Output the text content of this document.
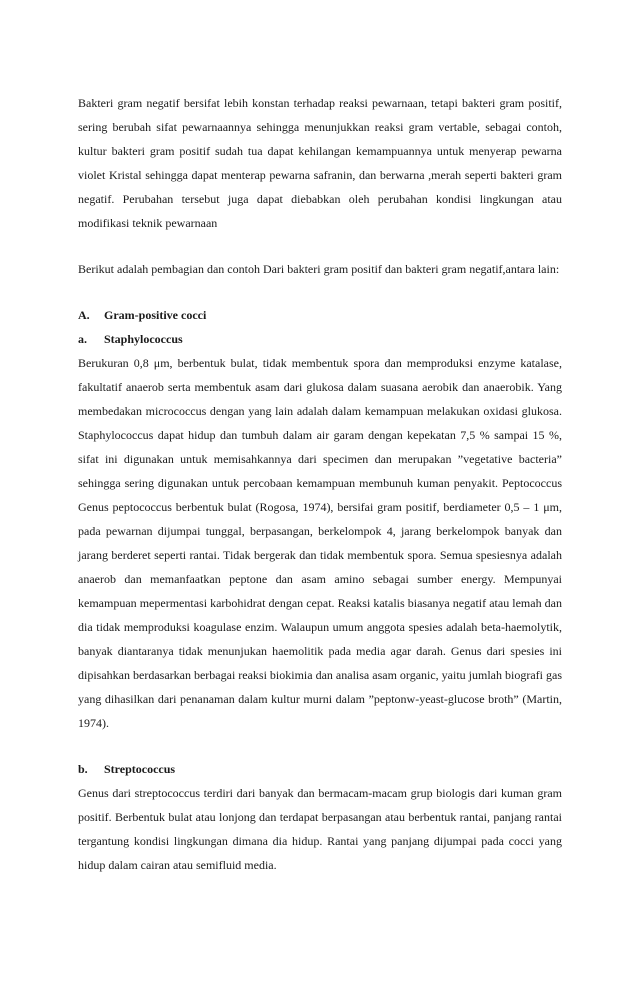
Bakteri gram negatif bersifat lebih konstan terhadap reaksi pewarnaan, tetapi bakteri gram positif, sering berubah sifat pewarnaannya sehingga menunjukkan reaksi gram vertable, sebagai contoh, kultur bakteri gram positif sudah tua dapat kehilangan kemampuannya untuk menyerap pewarna violet Kristal sehingga dapat menterap pewarna safranin, dan berwarna ,merah seperti bakteri gram negatif. Perubahan tersebut juga dapat diebabkan oleh perubahan kondisi lingkungan atau modifikasi teknik pewarnaan

Berikut adalah pembagian dan contoh Dari bakteri gram positif dan bakteri gram negatif,antara lain:

A.	Gram-positive cocci
a.	Staphylococcus

Berukuran 0,8 μm, berbentuk bulat, tidak membentuk spora dan memproduksi enzyme katalase, fakultatif anaerob serta membentuk asam dari glukosa dalam suasana aerobik dan anaerobik. Yang membedakan micrococcus dengan yang lain adalah dalam kemampuan melakukan oxidasi glukosa. Staphylococcus dapat hidup dan tumbuh dalam air garam dengan kepekatan 7,5 % sampai 15 %, sifat ini digunakan untuk memisahkannya dari specimen dan merupakan ”vegetative bacteria” sehingga sering digunakan untuk percobaan kemampuan membunuh kuman penyakit. Peptococcus Genus peptococcus berbentuk bulat (Rogosa, 1974), bersifai gram positif, berdiameter 0,5 – 1 μm, pada pewarnan dijumpai tunggal, berpasangan, berkelompok 4, jarang berkelompok banyak dan jarang berderet seperti rantai. Tidak bergerak dan tidak membentuk spora. Semua spesiesnya adalah anaerob dan memanfaatkan peptone dan asam amino sebagai sumber energy. Mempunyai kemampuan mepermentasi karbohidrat dengan cepat. Reaksi katalis biasanya negatif atau lemah dan dia tidak memproduksi koagulase enzim. Walaupun umum anggota spesies adalah beta-haemolytik, banyak diantaranya tidak menunjukan haemolitik pada media agar darah. Genus dari spesies ini dipisahkan berdasarkan berbagai reaksi biokimia dan analisa asam organic, yaitu jumlah biografi gas yang dihasilkan dari penanaman dalam kultur murni dalam ”peptonw-yeast-glucose broth” (Martin, 1974).

b.	Streptococcus

Genus dari streptococcus terdiri dari banyak dan bermacam-macam grup biologis dari kuman gram positif. Berbentuk bulat atau lonjong dan terdapat berpasangan atau berbentuk rantai, panjang rantai tergantung kondisi lingkungan dimana dia hidup. Rantai yang panjang dijumpai pada cocci yang hidup dalam cairan atau semifluid media.
